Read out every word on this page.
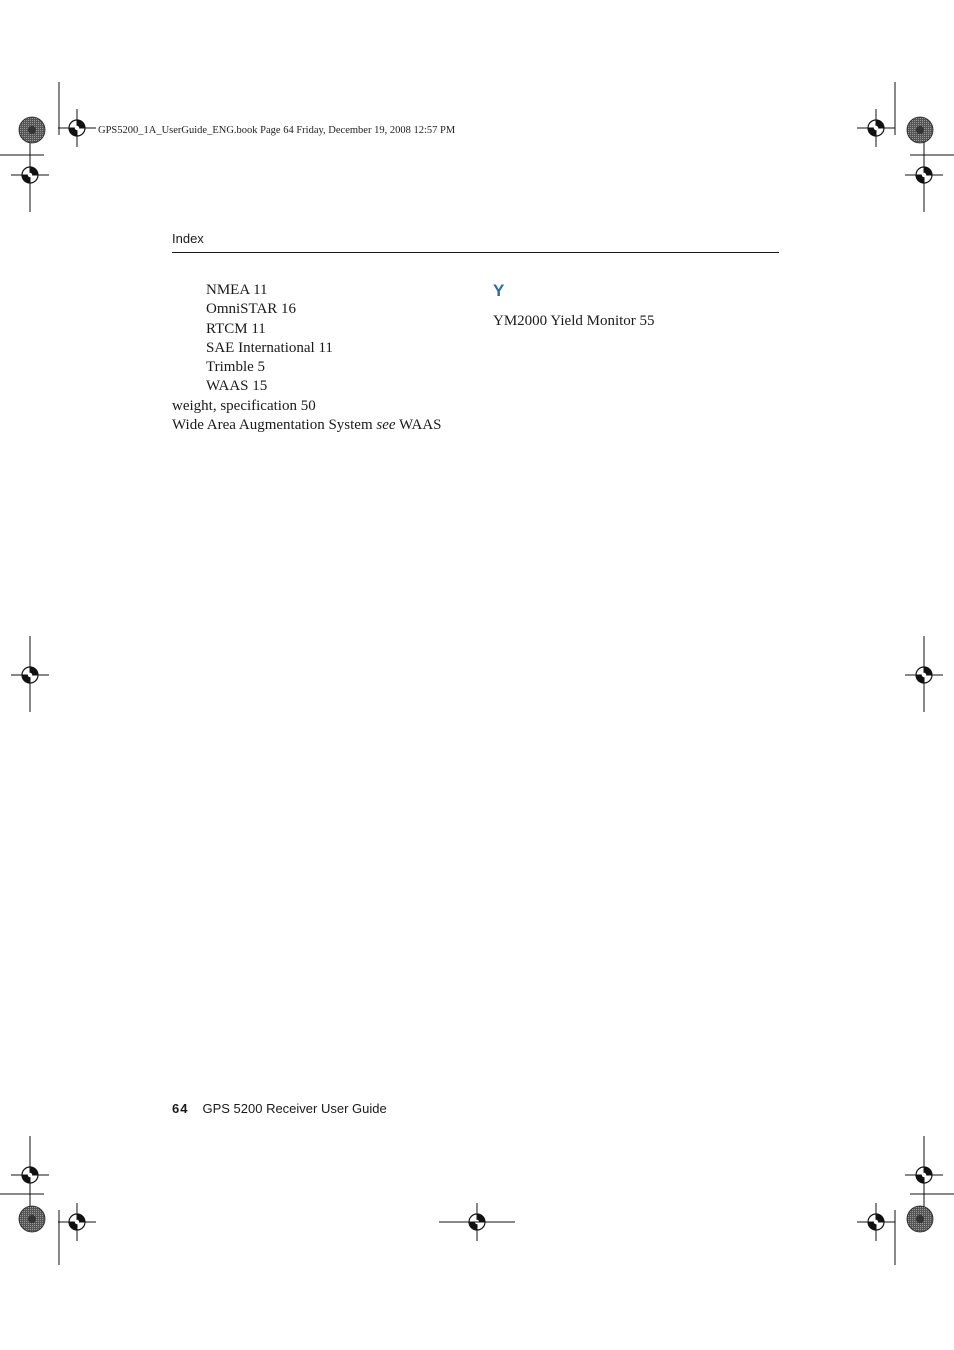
GPS5200_1A_UserGuide_ENG.book Page 64 Friday, December 19, 2008 12:57 PM
Index
NMEA 11
OmniSTAR 16
RTCM 11
SAE International 11
Trimble 5
WAAS 15
weight, specification 50
Wide Area Augmentation System see WAAS
Y
YM2000 Yield Monitor 55
64 GPS 5200 Receiver User Guide
